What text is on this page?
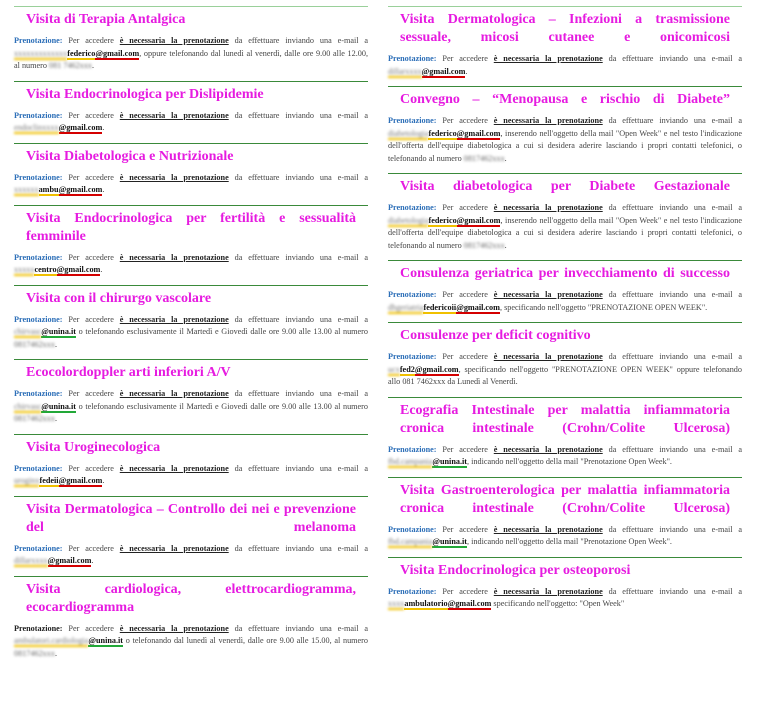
Visita di Terapia Antalgica
Prenotazione: Per accedere è necessaria la prenotazione da effettuare inviando una e-mail a xxxxxxxxxxxxxfederico@gmail.com, oppure telefonando dal lunedì al venerdì, dalle ore 9.00 alle 12.00, al numero 081 7462xxx.
Visita Endocrinologica per Dislipidemie
Prenotazione: Per accedere è necessaria la prenotazione da effettuare inviando una e-mail a endoclinxxxx@gmail.com.
Visita Diabetologica e Nutrizionale
Prenotazione: Per accedere è necessaria la prenotazione da effettuare inviando una e-mail a xxxxxxambu@gmail.com.
Visita Endocrinologica per fertilità e sessualità femminile
Prenotazione: Per accedere è necessaria la prenotazione da effettuare inviando una e-mail a xxxxxcentro@gmail.com.
Visita con il chirurgo vascolare
Prenotazione: Per accedere è necessaria la prenotazione da effettuare inviando una e-mail a chirvasc@unina.it o telefonando esclusivamente il Martedì e Giovedì dalle ore 9.00 alle 13.00 al numero 0817462xxx.
Ecocolordoppler arti inferiori A/V
Prenotazione: Per accedere è necessaria la prenotazione da effettuare inviando una e-mail a chirvasc@unina.it o telefonando esclusivamente il Martedì e Giovedì dalle ore 9.00 alle 13.00 al numero 0817462xxx.
Visita Uroginecologica
Prenotazione: Per accedere è necessaria la prenotazione da effettuare inviando una e-mail a uroginxfedeii@gmail.com.
Visita Dermatologica – Controllo dei nei e prevenzione del melanoma
Prenotazione: Per accedere è necessaria la prenotazione da effettuare inviando una e-mail a dillarxxxx@gmail.com.
Visita cardiologica, elettrocardiogramma, ecocardiogramma
Prenotazione: Per accedere è necessaria la prenotazione da effettuare inviando una e-mail a ambulatori.cardiologia@unina.it o telefonando dal lunedì al venerdì, dalle ore 9.00 alle 15.00, al numero 0817462xxx.
Visita Dermatologica – Infezioni a trasmissione sessuale, micosi cutanee e onicomicosi
Prenotazione: Per accedere è necessaria la prenotazione da effettuare inviando una e-mail a dillarxxxx@gmail.com.
Convegno – “Menopausa e rischio di Diabete”
Prenotazione: Per accedere è necessaria la prenotazione da effettuare inviando una e-mail a diabetologiafederico@gmail.com, inserendo nell'oggetto della mail "Open Week" e nel testo l'indicazione dell'offerta dell'equipe diabetologica a cui si desidera aderire lasciando i propri contatti telefonici, o telefonando al numero 0817462xxx.
Visita diabetologica per Diabete Gestazionale
Prenotazione: Per accedere è necessaria la prenotazione da effettuare inviando una e-mail a diabetologiafederico@gmail.com, inserendo nell'oggetto della mail "Open Week" e nel testo l'indicazione dell'offerta dell'equipe diabetologica a cui si desidera aderire lasciando i propri contatti telefonici, o telefonando al numero 0817462xxx.
Consulenza geriatrica per invecchiamento di successo
Prenotazione: Per accedere è necessaria la prenotazione da effettuare inviando una e-mail a dhgeriatriafedericoii@gmail.com, specificando nell'oggetto "PRENOTAZIONE OPEN WEEK".
Consulenze per deficit cognitivo
Prenotazione: Per accedere è necessaria la prenotazione da effettuare inviando una e-mail a ucxfed2@gmail.com, specificando nell'oggetto "PRENOTAZIONE OPEN WEEK" oppure telefonando allo 081 7462xxx da Lunedì al Venerdì.
Ecografia Intestinale per malattia infiammatoria cronica intestinale (Crohn/Colite Ulcerosa)
Prenotazione: Per accedere è necessaria la prenotazione da effettuare inviando una e-mail a fbd.campania@unina.it, indicando nell'oggetto della mail "Prenotazione Open Week".
Visita Gastroenterologica per malattia infiammatoria cronica intestinale (Crohn/Colite Ulcerosa)
Prenotazione: Per accedere è necessaria la prenotazione da effettuare inviando una e-mail a fbd.campania@unina.it, indicando nell'oggetto della mail "Prenotazione Open Week".
Visita Endocrinologica per osteoporosi
Prenotazione: Per accedere è necessaria la prenotazione da effettuare inviando una e-mail a xxxxambulatorio@gmail.com specificando nell'oggetto: "Open Week"
